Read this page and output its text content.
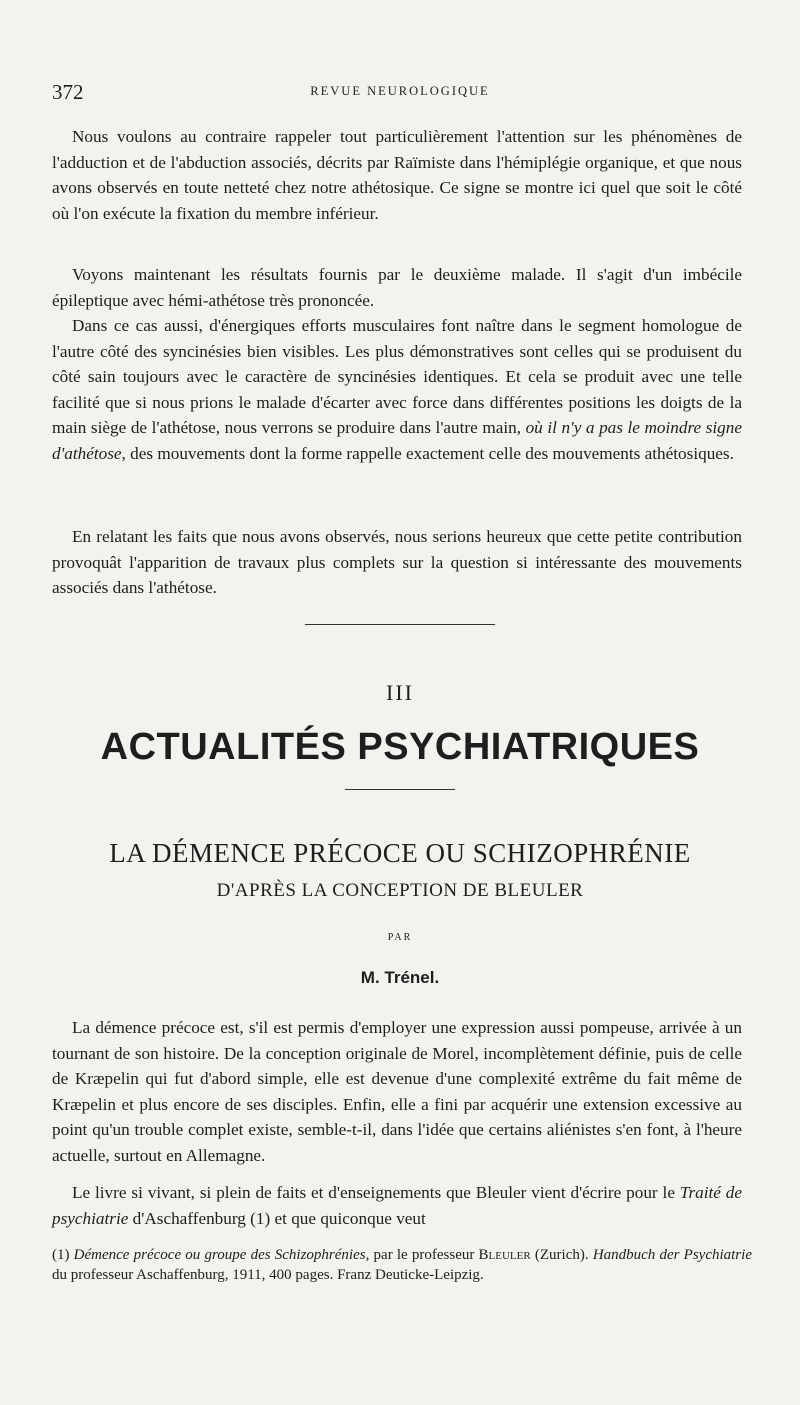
372	REVUE NEUROLOGIQUE

Nous voulons au contraire rappeler tout particulièrement l'attention sur les phénomènes de l'adduction et de l'abduction associés, décrits par Raïmiste dans l'hémiplégie organique, et que nous avons observés en toute netteté chez notre athétosique. Ce signe se montre ici quel que soit le côté où l'on exécute la fixation du membre inférieur.

Voyons maintenant les résultats fournis par le deuxième malade. Il s'agit d'un imbécile épileptique avec hémi-athétose très prononcée.

Dans ce cas aussi, d'énergiques efforts musculaires font naître dans le segment homologue de l'autre côté des syncinésies bien visibles. Les plus démonstratives sont celles qui se produisent du côté sain toujours avec le caractère de syncinésies identiques. Et cela se produit avec une telle facilité que si nous prions le malade d'écarter avec force dans différentes positions les doigts de la main siège de l'athétose, nous verrons se produire dans l'autre main, où il n'y a pas le moindre signe d'athétose, des mouvements dont la forme rappelle exactement celle des mouvements athétosiques.

En relatant les faits que nous avons observés, nous serions heureux que cette petite contribution provoquât l'apparition de travaux plus complets sur la question si intéressante des mouvements associés dans l'athétose.

III
ACTUALITÉS PSYCHIATRIQUES
LA DÉMENCE PRÉCOCE OU SCHIZOPHRÉNIE
D'APRÈS LA CONCEPTION DE BLEULER
PAR
M. Trénel.

La démence précoce est, s'il est permis d'employer une expression aussi pompeuse, arrivée à un tournant de son histoire. De la conception originale de Morel, incomplètement définie, puis de celle de Kræpelin qui fut d'abord simple, elle est devenue d'une complexité extrême du fait même de Kræpelin et plus encore de ses disciples. Enfin, elle a fini par acquérir une extension excessive au point qu'un trouble complet existe, semble-t-il, dans l'idée que certains aliénistes s'en font, à l'heure actuelle, surtout en Allemagne.

Le livre si vivant, si plein de faits et d'enseignements que Bleuler vient d'écrire pour le Traité de psychiatrie d'Aschaffenburg (1) et que quiconque veut

(1) Démence précoce ou groupe des Schizophrénies, par le professeur Bleuler (Zurich). Handbuch der Psychiatrie du professeur Aschaffenburg, 1911, 400 pages. Franz Deuticke-Leipzig.
